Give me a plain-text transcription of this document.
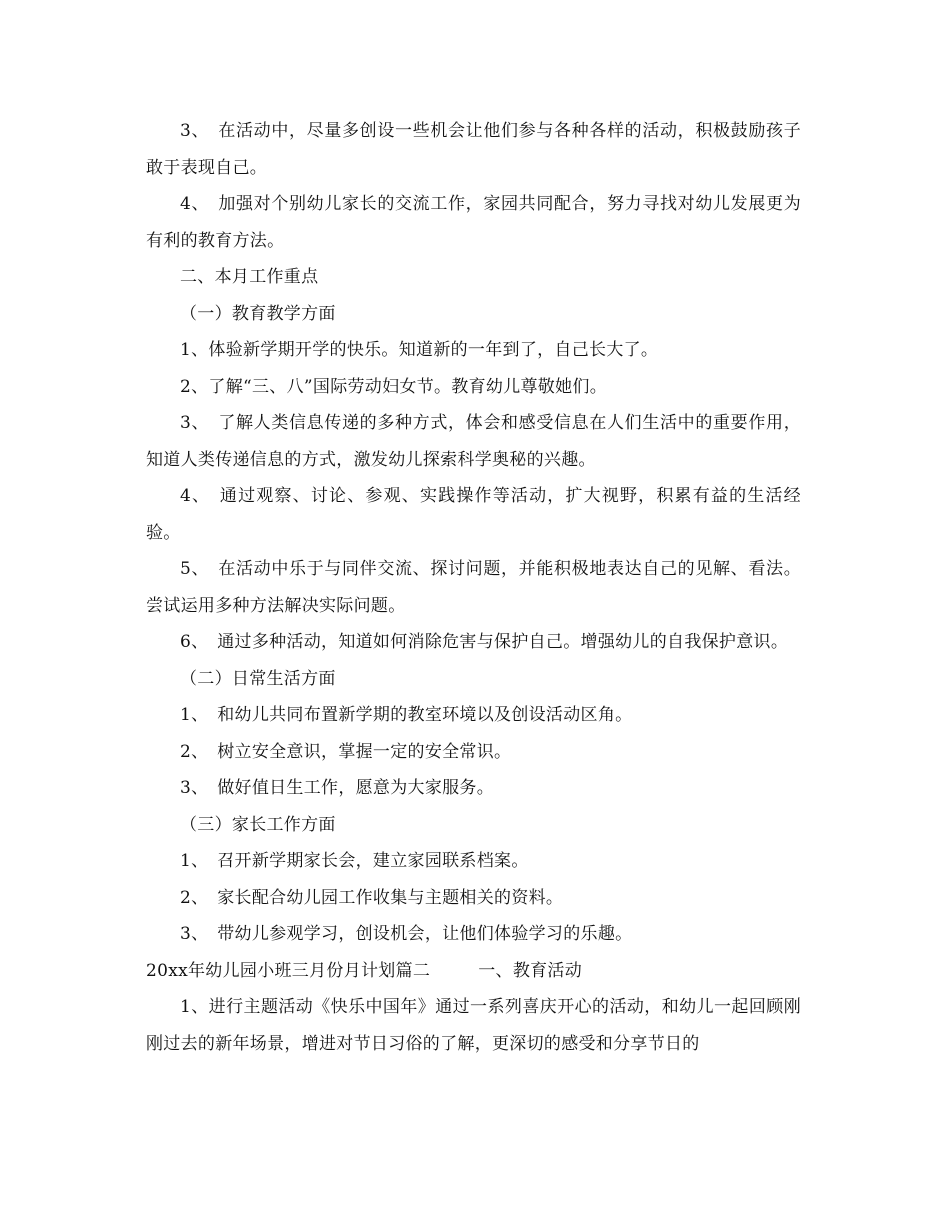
3、　在活动中，尽量多创设一些机会让他们参与各种各样的活动，积极鼓励孩子敢于表现自己。

4、　加强对个别幼儿家长的交流工作，家园共同配合，努力寻找对幼儿发展更为有利的教育方法。

二、本月工作重点

（一）教育教学方面

1、体验新学期开学的快乐。知道新的一年到了，自己长大了。

2、了解“三、八”国际劳动妇女节。教育幼儿尊敬她们。

3、　了解人类信息传递的多种方式，体会和感受信息在人们生活中的重要作用，知道人类传递信息的方式，激发幼儿探索科学奥秘的兴趣。

4、　通过观察、讨论、参观、实践操作等活动，扩大视野，积累有益的生活经验。

5、　在活动中乐于与同伴交流、探讨问题，并能积极地表达自己的见解、看法。尝试运用多种方法解决实际问题。

6、　通过多种活动，知道如何消除危害与保护自己。增强幼儿的自我保护意识。

（二）日常生活方面

1、　和幼儿共同布置新学期的教室环境以及创设活动区角。

2、　树立安全意识，掌握一定的安全常识。

3、　做好值日生工作，愿意为大家服务。

（三）家长工作方面

1、　召开新学期家长会，建立家园联系档案。

2、　家长配合幼儿园工作收集与主题相关的资料。

3、　带幼儿参观学习，创设机会，让他们体验学习的乐趣。

20xx年幼儿园小班三月份月计划篇二	一、教育活动

1、进行主题活动《快乐中国年》通过一系列喜庆开心的活动，和幼儿一起回顾刚刚过去的新年场景，增进对节日习俗的了解，更深切的感受和分享节日的
